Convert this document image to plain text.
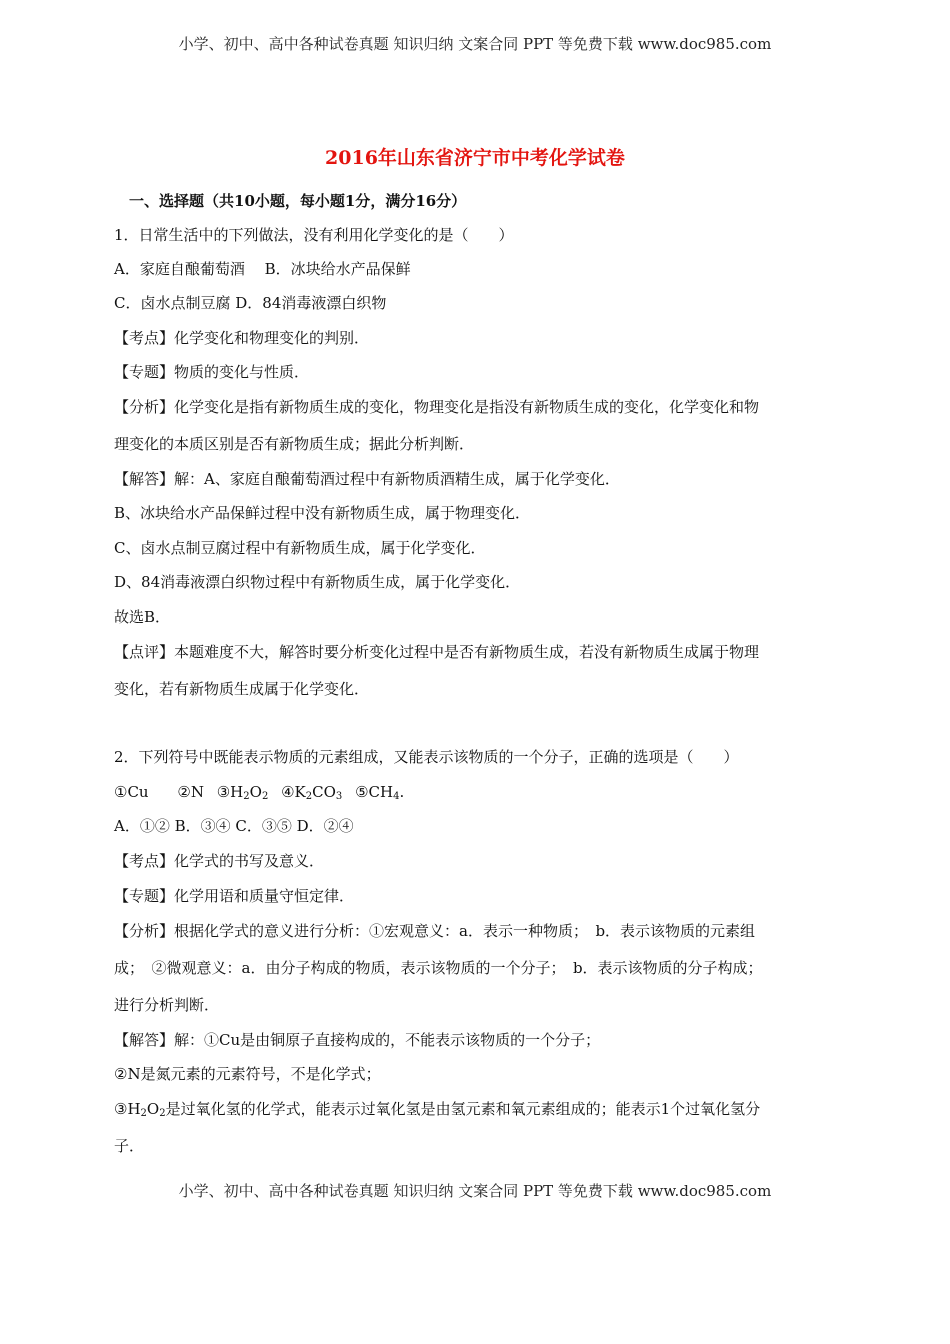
小学、初中、高中各种试卷真题 知识归纳 文案合同 PPT 等免费下载 www.doc985.com
2016年山东省济宁市中考化学试卷
一、选择题（共10小题，每小题1分，满分16分）
1．日常生活中的下列做法，没有利用化学变化的是（　　）
A．家庭自酿葡萄酒　 B．冰块给水产品保鲜
C．卤水点制豆腐 D．84消毒液漂白织物
【考点】化学变化和物理变化的判别．
【专题】物质的变化与性质．
【分析】化学变化是指有新物质生成的变化，物理变化是指没有新物质生成的变化，化学变化和物
理变化的本质区别是否有新物质生成；据此分析判断．
【解答】解：A、家庭自酿葡萄酒过程中有新物质酒精生成，属于化学变化．
B、冰块给水产品保鲜过程中没有新物质生成，属于物理变化．
C、卤水点制豆腐过程中有新物质生成，属于化学变化．
D、84消毒液漂白织物过程中有新物质生成，属于化学变化．
故选B．
【点评】本题难度不大，解答时要分析变化过程中是否有新物质生成，若没有新物质生成属于物理
变化，若有新物质生成属于化学变化．
2．下列符号中既能表示物质的元素组成，又能表示该物质的一个分子，正确的选项是（　　）
①Cu ②N $③H_2O_2$ $④K_2CO_3$ $⑤CH_4$.
A．①② B．③④ C．③⑤ D．②④
【考点】化学式的书写及意义．
【专题】化学用语和质量守恒定律．
【分析】根据化学式的意义进行分析：①宏观意义：a．表示一种物质；　b．表示该物质的元素组
成；　②微观意义：a．由分子构成的物质，表示该物质的一个分子；　b．表示该物质的分子构成；
进行分析判断．
【解答】解：①Cu是由铜原子直接构成的，不能表示该物质的一个分子；
②N是氮元素的元素符号，不是化学式；
$③H_2O_2$是过氧化氢的化学式，能表示过氧化氢是由氢元素和氧元素组成的；能表示1个过氧化氢分
子．
小学、初中、高中各种试卷真题 知识归纳 文案合同 PPT 等免费下载 www.doc985.com
